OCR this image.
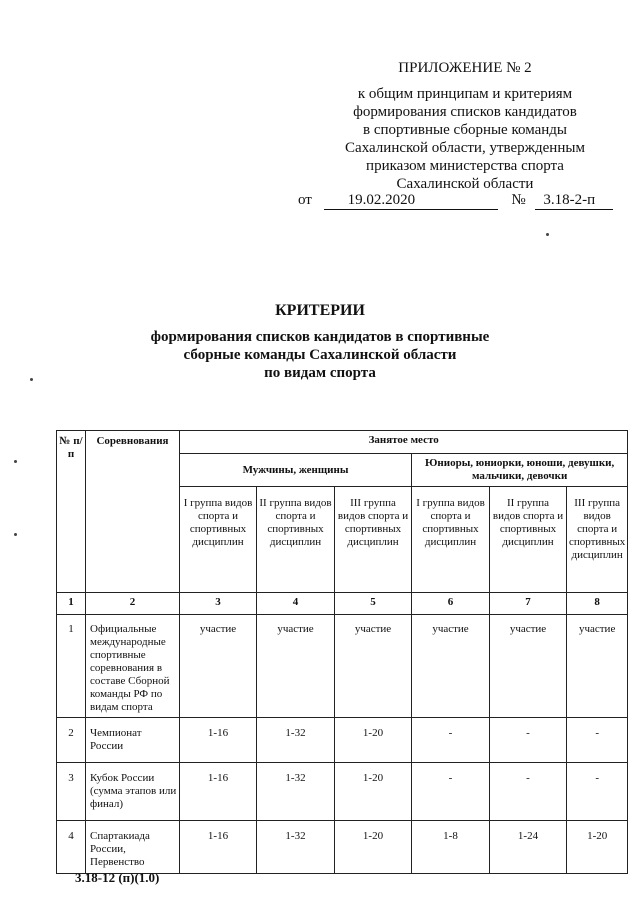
ПРИЛОЖЕНИЕ № 2
к общим принципам и критериям
формирования списков кандидатов
в спортивные сборные команды
Сахалинской области, утвержденным
приказом министерства спорта
Сахалинской области
от 19.02.2020	№ 3.18-2-п
КРИТЕРИИ
формирования списков кандидатов в спортивные
сборные команды Сахалинской области
по видам спорта
№ п/п	Соревнования	Занятое место					
		Мужчины, женщины			Юниоры, юниорки, юноши, девушки, мальчики, девочки		
		I группа видов спорта и спортивных дисциплин	II группа видов спорта и спортивных дисциплин	III группа видов спорта и спортивных дисциплин	I группа видов спорта и спортивных дисциплин	II группа видов спорта и спортивных дисциплин	III группа видов спорта и спортивных дисциплин
1	2	3	4	5	6	7	8
1	Официальные международные спортивные соревнования в составе Сборной команды РФ по видам спорта	участие	участие	участие	участие	участие	участие
2	Чемпионат России	1-16	1-32	1-20	-	-	-
3	Кубок России (сумма этапов или финал)	1-16	1-32	1-20	-	-	-
4	Спартакиада России, Первенство	1-16	1-32	1-20	1-8	1-24	1-20
3.18-12 (п)(1.0)
